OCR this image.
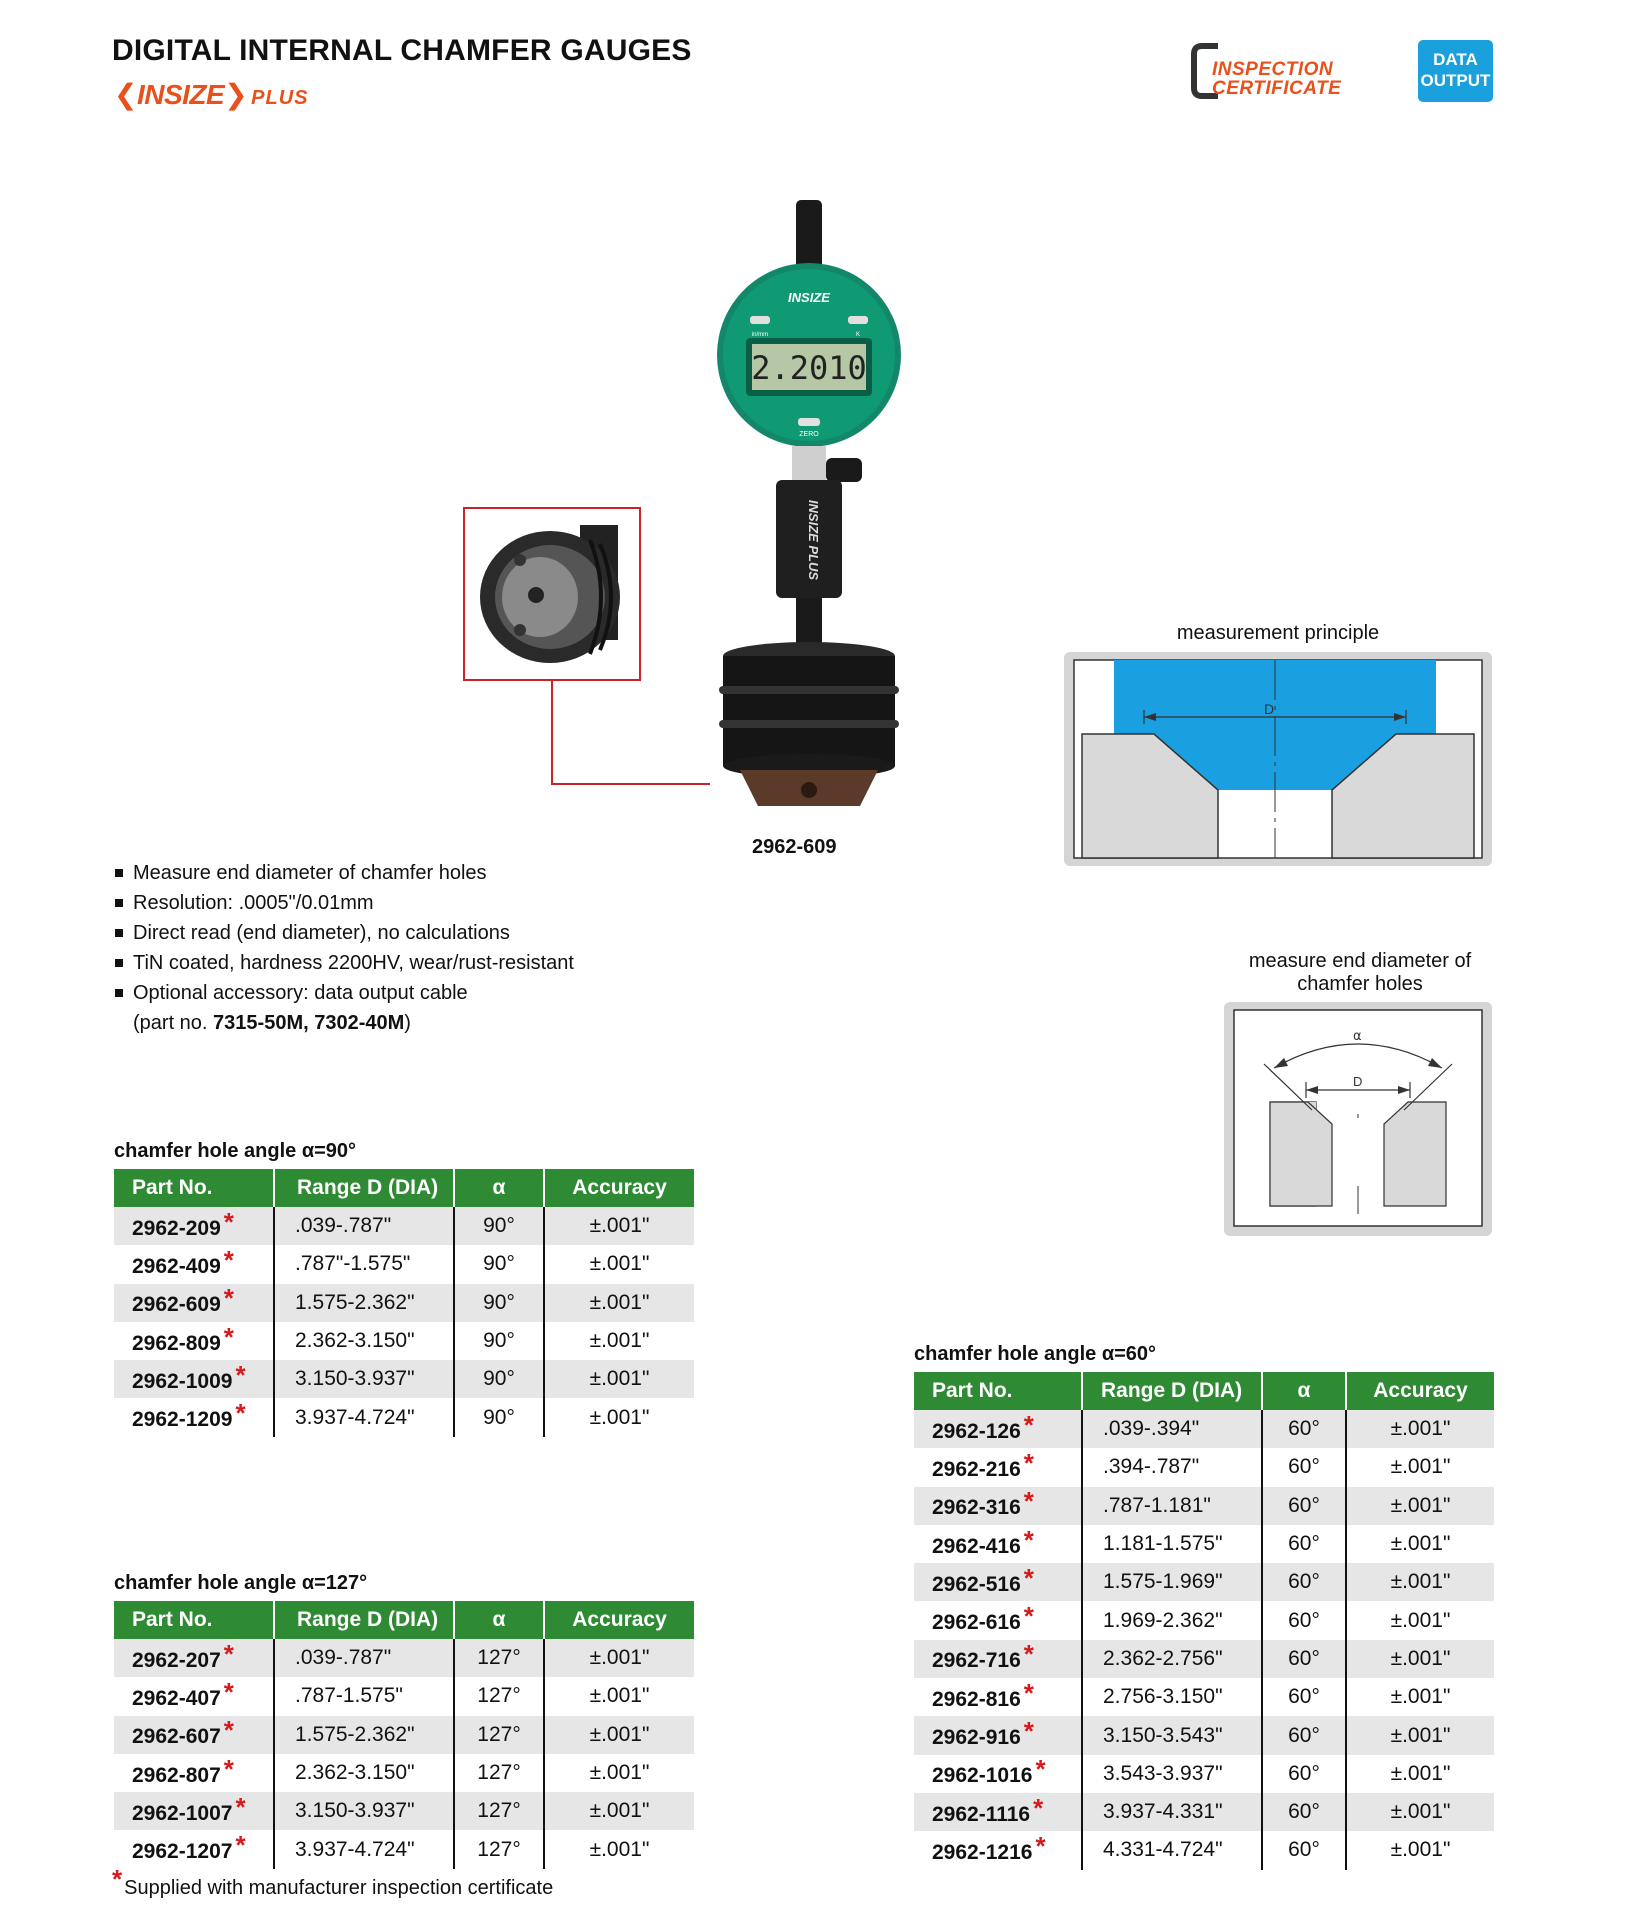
DIGITAL INTERNAL CHAMFER GAUGES
❮INSIZE❯ PLUS
INSPECTION
CERTIFICATE
DATA
OUTPUT
INSIZE
in/mm	K
2.2010
ZERO
INSIZE PLUS
2962-609
Measure end diameter of chamfer holes
Resolution: .0005"/0.01mm
Direct read (end diameter), no calculations
TiN coated, hardness 2200HV, wear/rust-resistant
Optional accessory: data output cable
(part no. 7315-50M, 7302-40M)
measurement principle
D
measure end diameter of
chamfer holes
α
D
chamfer hole angle α=90°
Part No.	Range D (DIA)	α	Accuracy
2962-209 *	.039-.787"	90°	±.001"
2962-409 *	.787"-1.575"	90°	±.001"
2962-609 *	1.575-2.362"	90°	±.001"
2962-809 *	2.362-3.150"	90°	±.001"
2962-1009 *	3.150-3.937"	90°	±.001"
2962-1209 *	3.937-4.724"	90°	±.001"
chamfer hole angle α=127°
Part No.	Range D (DIA)	α	Accuracy
2962-207 *	.039-.787"	127°	±.001"
2962-407 *	.787-1.575"	127°	±.001"
2962-607 *	1.575-2.362"	127°	±.001"
2962-807 *	2.362-3.150"	127°	±.001"
2962-1007 *	3.150-3.937"	127°	±.001"
2962-1207 *	3.937-4.724"	127°	±.001"
chamfer hole angle α=60°
Part No.	Range D (DIA)	α	Accuracy
2962-126 *	.039-.394"	60°	±.001"
2962-216 *	.394-.787"	60°	±.001"
2962-316 *	.787-1.181"	60°	±.001"
2962-416 *	1.181-1.575"	60°	±.001"
2962-516 *	1.575-1.969"	60°	±.001"
2962-616 *	1.969-2.362"	60°	±.001"
2962-716 *	2.362-2.756"	60°	±.001"
2962-816 *	2.756-3.150"	60°	±.001"
2962-916 *	3.150-3.543"	60°	±.001"
2962-1016 *	3.543-3.937"	60°	±.001"
2962-1116 *	3.937-4.331"	60°	±.001"
2962-1216 *	4.331-4.724"	60°	±.001"
* Supplied with manufacturer inspection certificate
